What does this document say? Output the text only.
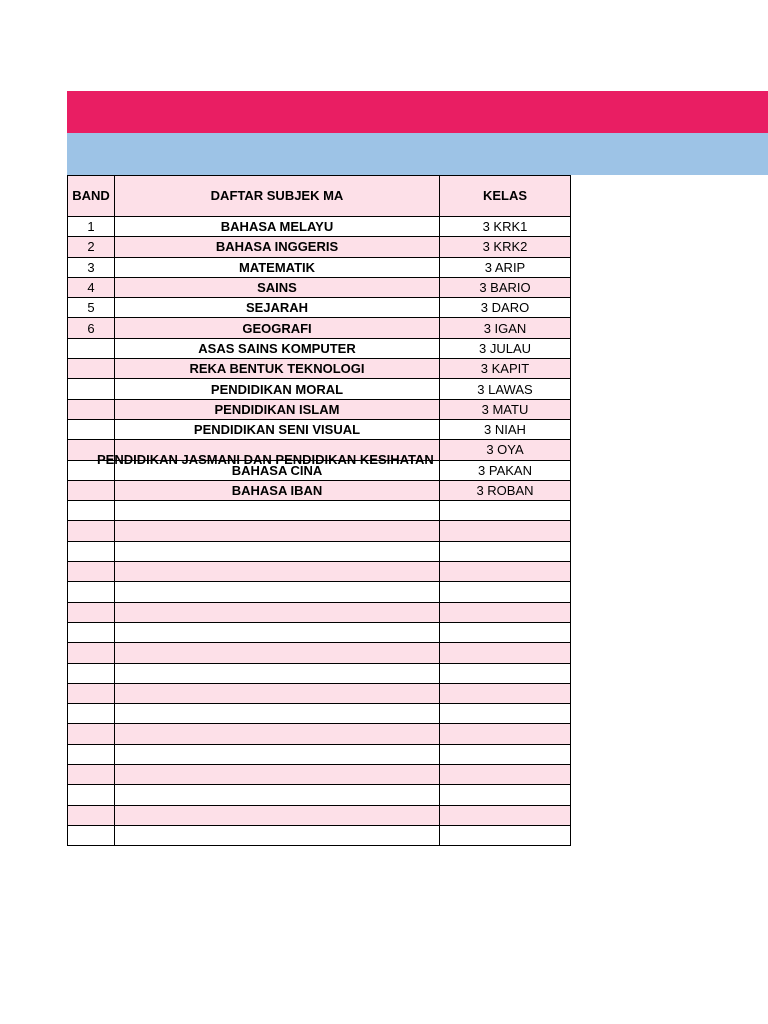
BAND	DAFTAR SUBJEK MA	KELAS
1	BAHASA MELAYU	3 KRK1
2	BAHASA INGGERIS	3 KRK2
3	MATEMATIK	3 ARIP
4	SAINS	3 BARIO
5	SEJARAH	3 DARO
6	GEOGRAFI	3 IGAN
	ASAS SAINS KOMPUTER	3 JULAU
	REKA BENTUK TEKNOLOGI	3 KAPIT
	PENDIDIKAN MORAL	3 LAWAS
	PENDIDIKAN ISLAM	3 MATU
	PENDIDIKAN SENI VISUAL	3 NIAH

	PENDIDIKAN JASMANI DAN PENDIDIKAN KESIHATAN	3 OYA
	BAHASA CINA	3 PAKAN
	BAHASA IBAN	3 ROBAN
